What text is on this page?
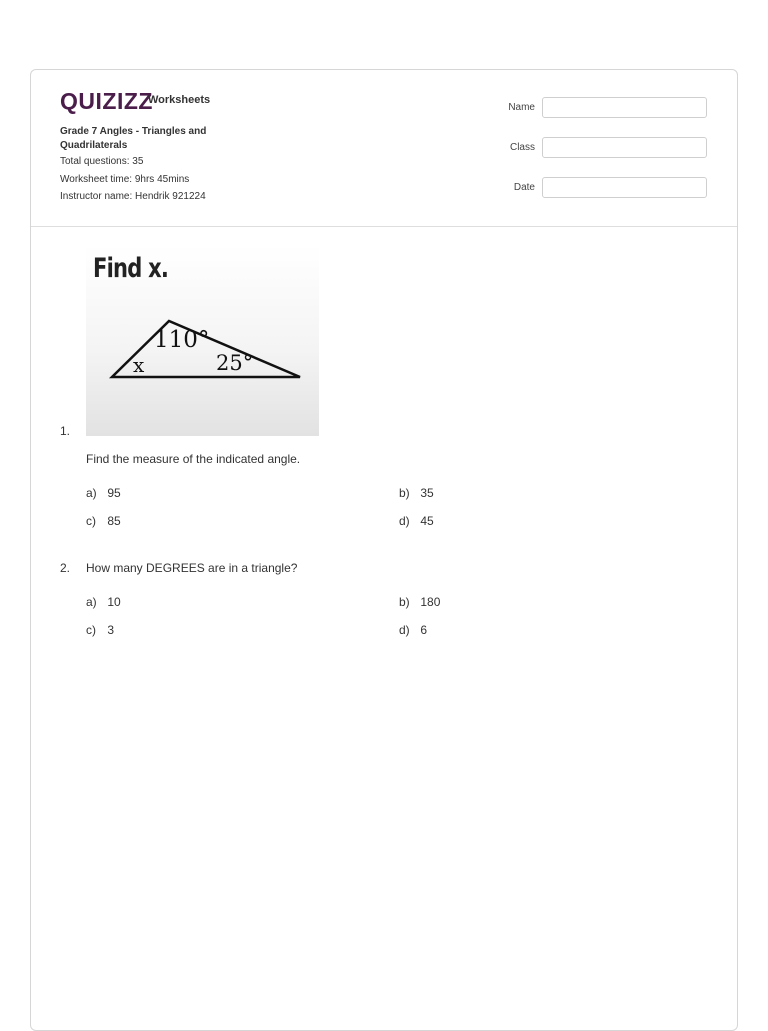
QUIZIZZ
Worksheets
Grade 7 Angles - Triangles and Quadrilaterals
Total questions: 35
Worksheet time: 9hrs 45mins
Instructor name: Hendrik 921224
Name
Class
Date
Find x.
110°
25°
x
1.
Find the measure of the indicated angle.
a) 95	b) 35
c) 85	d) 45
2. How many DEGREES are in a triangle?
a) 10	b) 180
c) 3	d) 6
